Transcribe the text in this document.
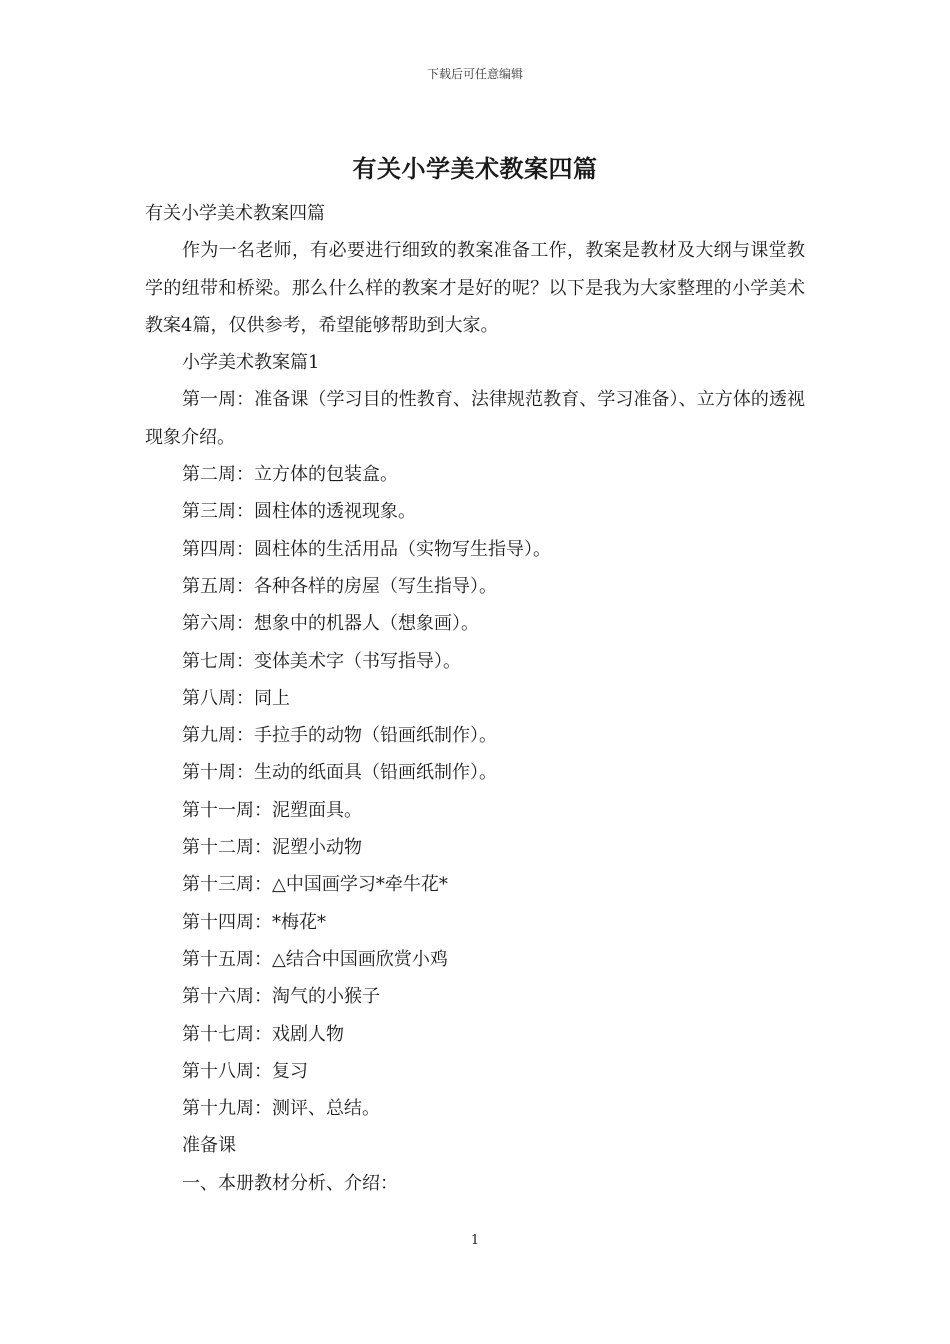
下载后可任意编辑
有关小学美术教案四篇

有关小学美术教案四篇

作为一名老师，有必要进行细致的教案准备工作，教案是教材及大纲与课堂教学的纽带和桥梁。那么什么样的教案才是好的呢？以下是我为大家整理的小学美术教案4篇，仅供参考，希望能够帮助到大家。

小学美术教案篇1

第一周：准备课（学习目的性教育、法律规范教育、学习准备）、立方体的透视现象介绍。

第二周：立方体的包装盒。

第三周：圆柱体的透视现象。

第四周：圆柱体的生活用品（实物写生指导）。

第五周：各种各样的房屋（写生指导）。

第六周：想象中的机器人（想象画）。

第七周：变体美术字（书写指导）。

第八周：同上

第九周：手拉手的动物（铅画纸制作）。

第十周：生动的纸面具（铅画纸制作）。

第十一周：泥塑面具。

第十二周：泥塑小动物

第十三周：△中国画学习*牵牛花*

第十四周：*梅花*

第十五周：△结合中国画欣赏小鸡

第十六周：淘气的小猴子

第十七周：戏剧人物

第十八周：复习

第十九周：测评、总结。

准备课

一、本册教材分析、介绍：

1
